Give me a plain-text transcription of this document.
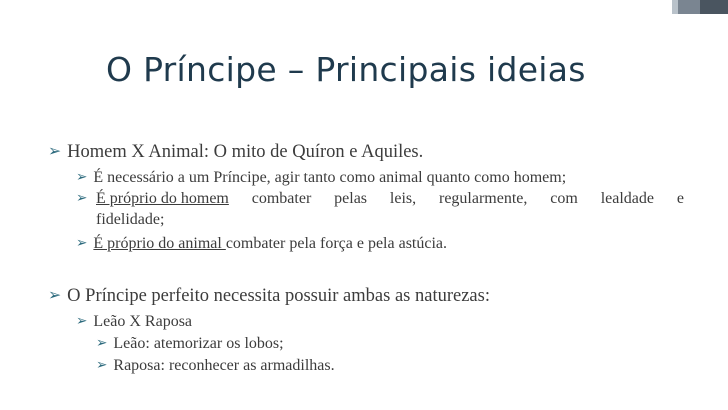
O Príncipe – Principais ideias
➢ Homem X Animal: O mito de Quíron e Aquiles.
➢ É necessário a um Príncipe, agir tanto como animal quanto como homem;
➢ É próprio do homem combater pelas leis, regularmente, com lealdade e
fidelidade;
➢ É próprio do animal combater pela força e pela astúcia.
➢ O Príncipe perfeito necessita possuir ambas as naturezas:
➢ Leão X Raposa
➢ Leão: atemorizar os lobos;
➢ Raposa: reconhecer as armadilhas.
